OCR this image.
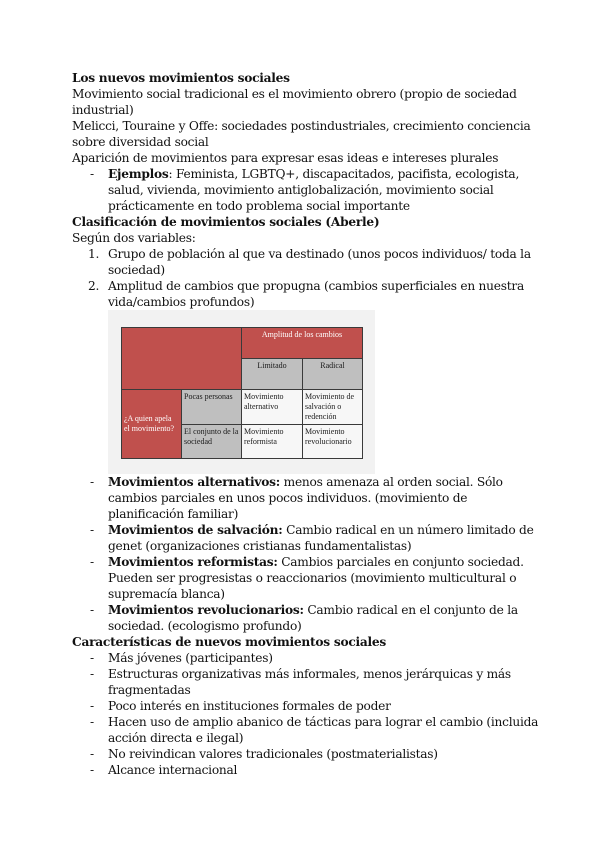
Los nuevos movimientos sociales

Movimiento social tradicional es el movimiento obrero (propio de sociedad industrial)

Melicci, Touraine y Offe: sociedades postindustriales, crecimiento conciencia sobre diversidad social

Aparición de movimientos para expresar esas ideas e intereses plurales

- Ejemplos: Feminista, LGBTQ+, discapacitados, pacifista, ecologista, salud, vivienda, movimiento antiglobalización, movimiento social prácticamente en todo problema social importante

Clasificación de movimientos sociales (Aberle)

Según dos variables:

1. Grupo de población al que va destinado (unos pocos individuos/ toda la sociedad)
2. Amplitud de cambios que propugna (cambios superficiales en nuestra vida/cambios profundos)
		Amplitud de los cambios	
		Limitado	Radical
¿A quien apela el movimiento?	Pocas personas	Movimiento alternativo	Movimiento de salvación o redención
	El conjunto de la sociedad	Movimiento reformista	Movimiento revolucionario
- Movimientos alternativos: menos amenaza al orden social. Sólo cambios parciales en unos pocos individuos. (movimiento de planificación familiar)
- Movimientos de salvación: Cambio radical en un número limitado de genet (organizaciones cristianas fundamentalistas)
- Movimientos reformistas: Cambios parciales en conjunto sociedad. Pueden ser progresistas o reaccionarios (movimiento multicultural o supremacía blanca)
- Movimientos revolucionarios: Cambio radical en el conjunto de la sociedad. (ecologismo profundo)

Características de nuevos movimientos sociales

- Más jóvenes (participantes)
- Estructuras organizativas más informales, menos jerárquicas y más fragmentadas
- Poco interés en instituciones formales de poder
- Hacen uso de amplio abanico de tácticas para lograr el cambio (incluida acción directa e ilegal)
- No reivindican valores tradicionales (postmaterialistas)
- Alcance internacional
